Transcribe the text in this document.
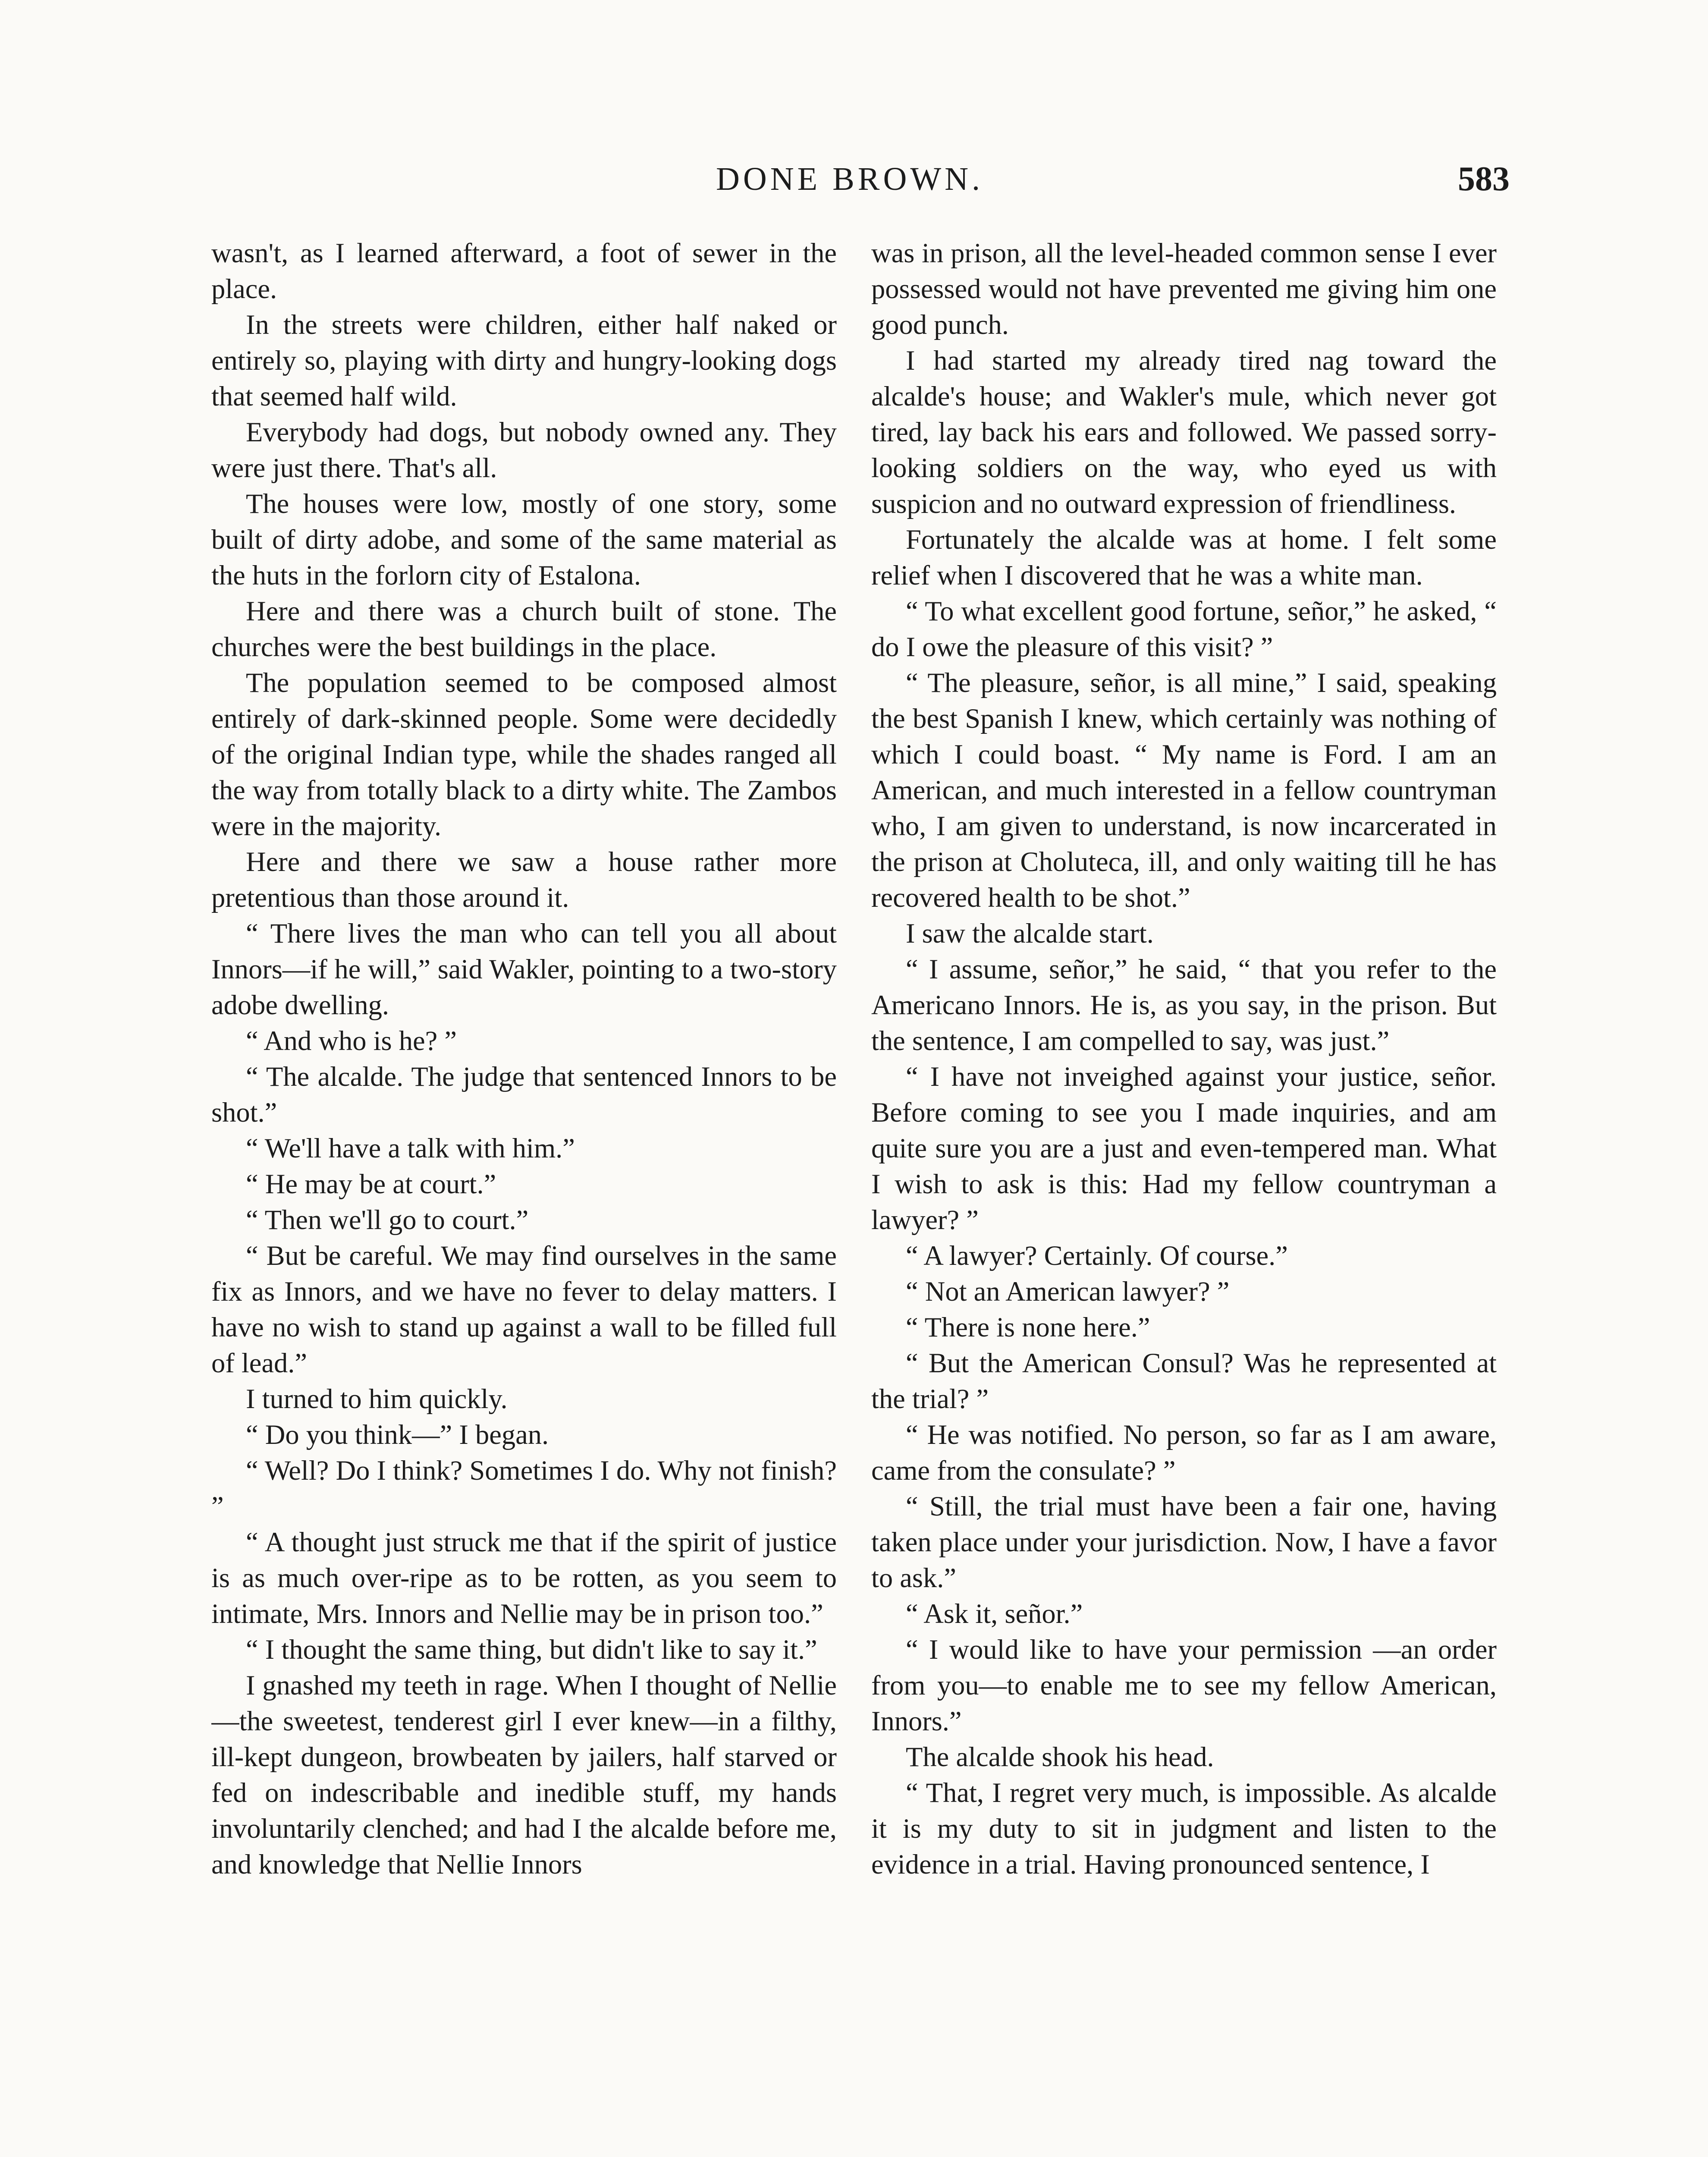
DONE BROWN.	583

wasn't, as I learned afterward, a foot of sewer in the place.

In the streets were children, either half naked or entirely so, playing with dirty and hungry-looking dogs that seemed half wild.

Everybody had dogs, but nobody owned any. They were just there. That's all.

The houses were low, mostly of one story, some built of dirty adobe, and some of the same material as the huts in the forlorn city of Estalona.

Here and there was a church built of stone. The churches were the best buildings in the place.

The population seemed to be composed almost entirely of dark-skinned people. Some were decidedly of the original Indian type, while the shades ranged all the way from totally black to a dirty white. The Zambos were in the majority.

Here and there we saw a house rather more pretentious than those around it.

“ There lives the man who can tell you all about Innors—if he will,” said Wakler, pointing to a two-story adobe dwelling.

“ And who is he? ”

“ The alcalde. The judge that sentenced Innors to be shot.”

“ We'll have a talk with him.”

“ He may be at court.”

“ Then we'll go to court.”

“ But be careful. We may find ourselves in the same fix as Innors, and we have no fever to delay matters. I have no wish to stand up against a wall to be filled full of lead.”

I turned to him quickly.

“ Do you think—” I began.

“ Well? Do I think? Sometimes I do. Why not finish? ”

“ A thought just struck me that if the spirit of justice is as much over-ripe as to be rotten, as you seem to intimate, Mrs. Innors and Nellie may be in prison too.”

“ I thought the same thing, but didn't like to say it.”

I gnashed my teeth in rage. When I thought of Nellie—the sweetest, tenderest girl I ever knew—in a filthy, ill-kept dungeon, browbeaten by jailers, half starved or fed on indescribable and inedible stuff, my hands involuntarily clenched; and had I the alcalde before me, and knowledge that Nellie Innors

was in prison, all the level-headed common sense I ever possessed would not have prevented me giving him one good punch.

I had started my already tired nag toward the alcalde's house; and Wakler's mule, which never got tired, lay back his ears and followed. We passed sorry-looking soldiers on the way, who eyed us with suspicion and no outward expression of friendliness.

Fortunately the alcalde was at home. I felt some relief when I discovered that he was a white man.

“ To what excellent good fortune, señor,” he asked, “ do I owe the pleasure of this visit? ”

“ The pleasure, señor, is all mine,” I said, speaking the best Spanish I knew, which certainly was nothing of which I could boast. “ My name is Ford. I am an American, and much interested in a fellow countryman who, I am given to understand, is now incarcerated in the prison at Choluteca, ill, and only waiting till he has recovered health to be shot.”

I saw the alcalde start.

“ I assume, señor,” he said, “ that you refer to the Americano Innors. He is, as you say, in the prison. But the sentence, I am compelled to say, was just.”

“ I have not inveighed against your justice, señor. Before coming to see you I made inquiries, and am quite sure you are a just and even-tempered man. What I wish to ask is this: Had my fellow countryman a lawyer? ”

“ A lawyer? Certainly. Of course.”

“ Not an American lawyer? ”

“ There is none here.”

“ But the American Consul? Was he represented at the trial? ”

“ He was notified. No person, so far as I am aware, came from the consulate? ”

“ Still, the trial must have been a fair one, having taken place under your jurisdiction. Now, I have a favor to ask.”

“ Ask it, señor.”

“ I would like to have your permission —an order from you—to enable me to see my fellow American, Innors.”

The alcalde shook his head.

“ That, I regret very much, is impossible. As alcalde it is my duty to sit in judgment and listen to the evidence in a trial. Having pronounced sentence, I
